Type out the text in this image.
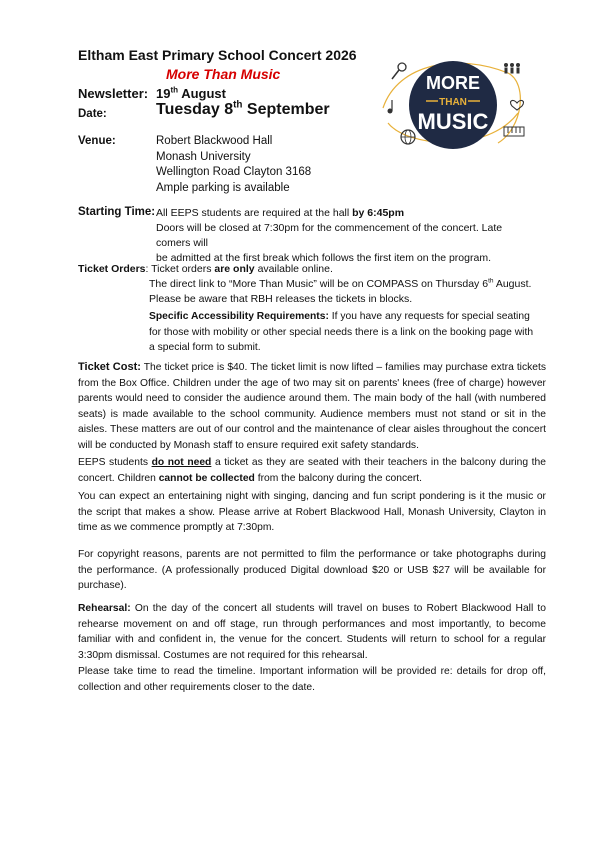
Eltham East Primary School Concert 2026
More Than Music	MORE
THAN
MUSIC
Newsletter: 19th August
Date:	Tuesday 8th September
Venue:	Robert Blackwood Hall
Monash University
Wellington Road Clayton 3168
Ample parking is available
Starting Time: All EEPS students are required at the hall by 6:45pm
Doors will be closed at 7:30pm for the commencement of the concert. Late comers will
be admitted at the first break which follows the first item on the program.
Ticket Orders: Ticket orders are only available online.
The direct link to “More Than Music” will be on COMPASS on Thursday 6th August.
Please be aware that RBH releases the tickets in blocks.
Specific Accessibility Requirements: If you have any requests for special seating for those with mobility or other special needs there is a link on the booking page with a special form to submit.
Ticket Cost: The ticket price is $40. The ticket limit is now lifted – families may purchase extra tickets from the Box Office. Children under the age of two may sit on parents' knees (free of charge) however parents would need to consider the audience around them. The main body of the hall (with numbered seats) is made available to the school community. Audience members must not stand or sit in the aisles. These matters are out of our control and the maintenance of clear aisles throughout the concert will be conducted by Monash staff to ensure required exit safety standards.
EEPS students do not need a ticket as they are seated with their teachers in the balcony during the concert. Children cannot be collected from the balcony during the concert.
You can expect an entertaining night with singing, dancing and fun script pondering is it the music or the script that makes a show. Please arrive at Robert Blackwood Hall, Monash University, Clayton in time as we commence promptly at 7:30pm.
For copyright reasons, parents are not permitted to film the performance or take photographs during the performance. (A professionally produced Digital download $20 or USB $27 will be available for purchase).
Rehearsal: On the day of the concert all students will travel on buses to Robert Blackwood Hall to rehearse movement on and off stage, run through performances and most importantly, to become familiar with and confident in, the venue for the concert. Students will return to school for a regular 3:30pm dismissal. Costumes are not required for this rehearsal.
Please take time to read the timeline. Important information will be provided re: details for drop off, collection and other requirements closer to the date.
